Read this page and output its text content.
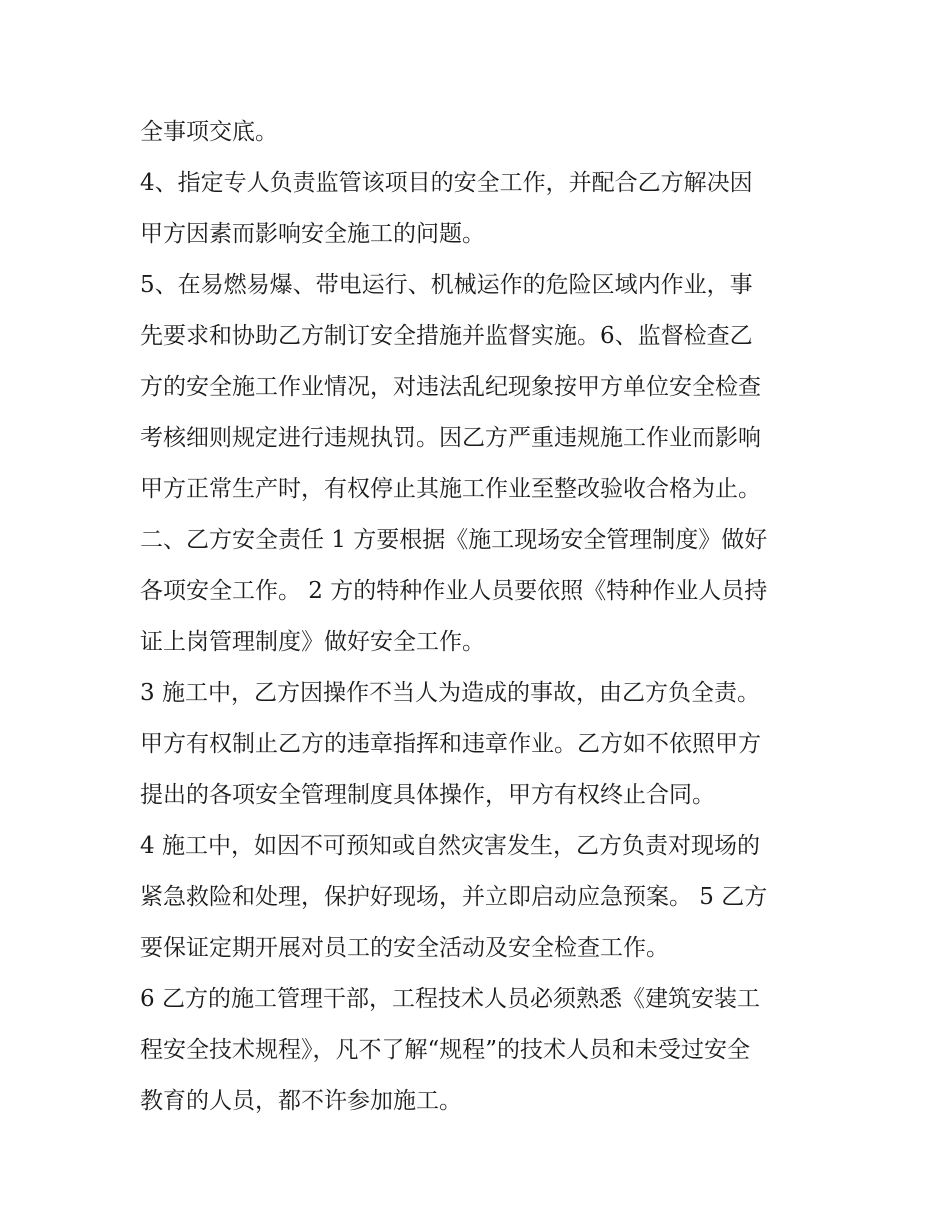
全事项交底。
4、指定专人负责监管该项目的安全工作，并配合乙方解决因
甲方因素而影响安全施工的问题。
5、在易燃易爆、带电运行、机械运作的危险区域内作业，事
先要求和协助乙方制订安全措施并监督实施。6、监督检查乙
方的安全施工作业情况，对违法乱纪现象按甲方单位安全检查
考核细则规定进行违规执罚。因乙方严重违规施工作业而影响
甲方正常生产时，有权停止其施工作业至整改验收合格为止。
二、乙方安全责任 1 方要根据《施工现场安全管理制度》做好
各项安全工作。 2 方的特种作业人员要依照《特种作业人员持
证上岗管理制度》做好安全工作。
3 施工中，乙方因操作不当人为造成的事故，由乙方负全责。
甲方有权制止乙方的违章指挥和违章作业。乙方如不依照甲方
提出的各项安全管理制度具体操作，甲方有权终止合同。
4 施工中，如因不可预知或自然灾害发生，乙方负责对现场的
紧急救险和处理，保护好现场，并立即启动应急预案。 5 乙方
要保证定期开展对员工的安全活动及安全检查工作。
6 乙方的施工管理干部，工程技术人员必须熟悉《建筑安装工
程安全技术规程》，凡不了解“规程”的技术人员和未受过安全
教育的人员，都不许参加施工。
